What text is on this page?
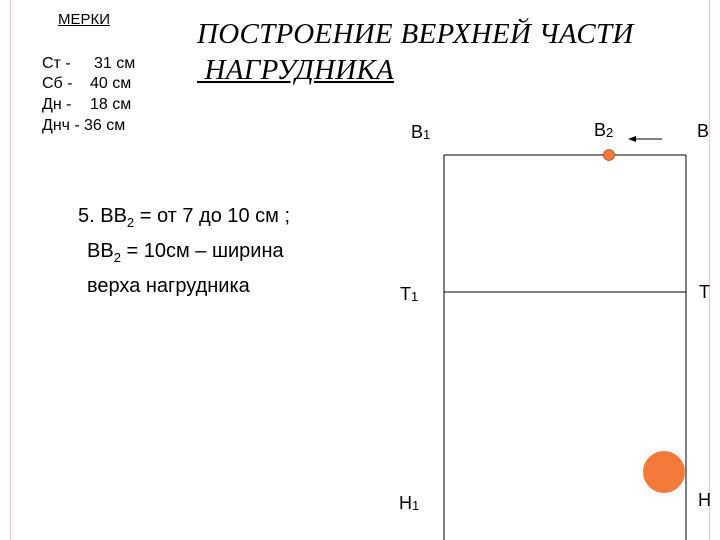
МЕРКИ
Ст - 31 см
Сб - 40 см
Дн - 18 см
Днч - 36 см
ПОСТРОЕНИЕ ВЕРХНЕЙ ЧАСТИ
НАГРУДНИКА
5. $ВВ_2$ = от 7 до 10 см ;
$ВВ_2 = 10см$ – ширина
верха нагрудника
$В_1$	$В_2$	В
$Т_1$	Т
$Н_1$	Н
